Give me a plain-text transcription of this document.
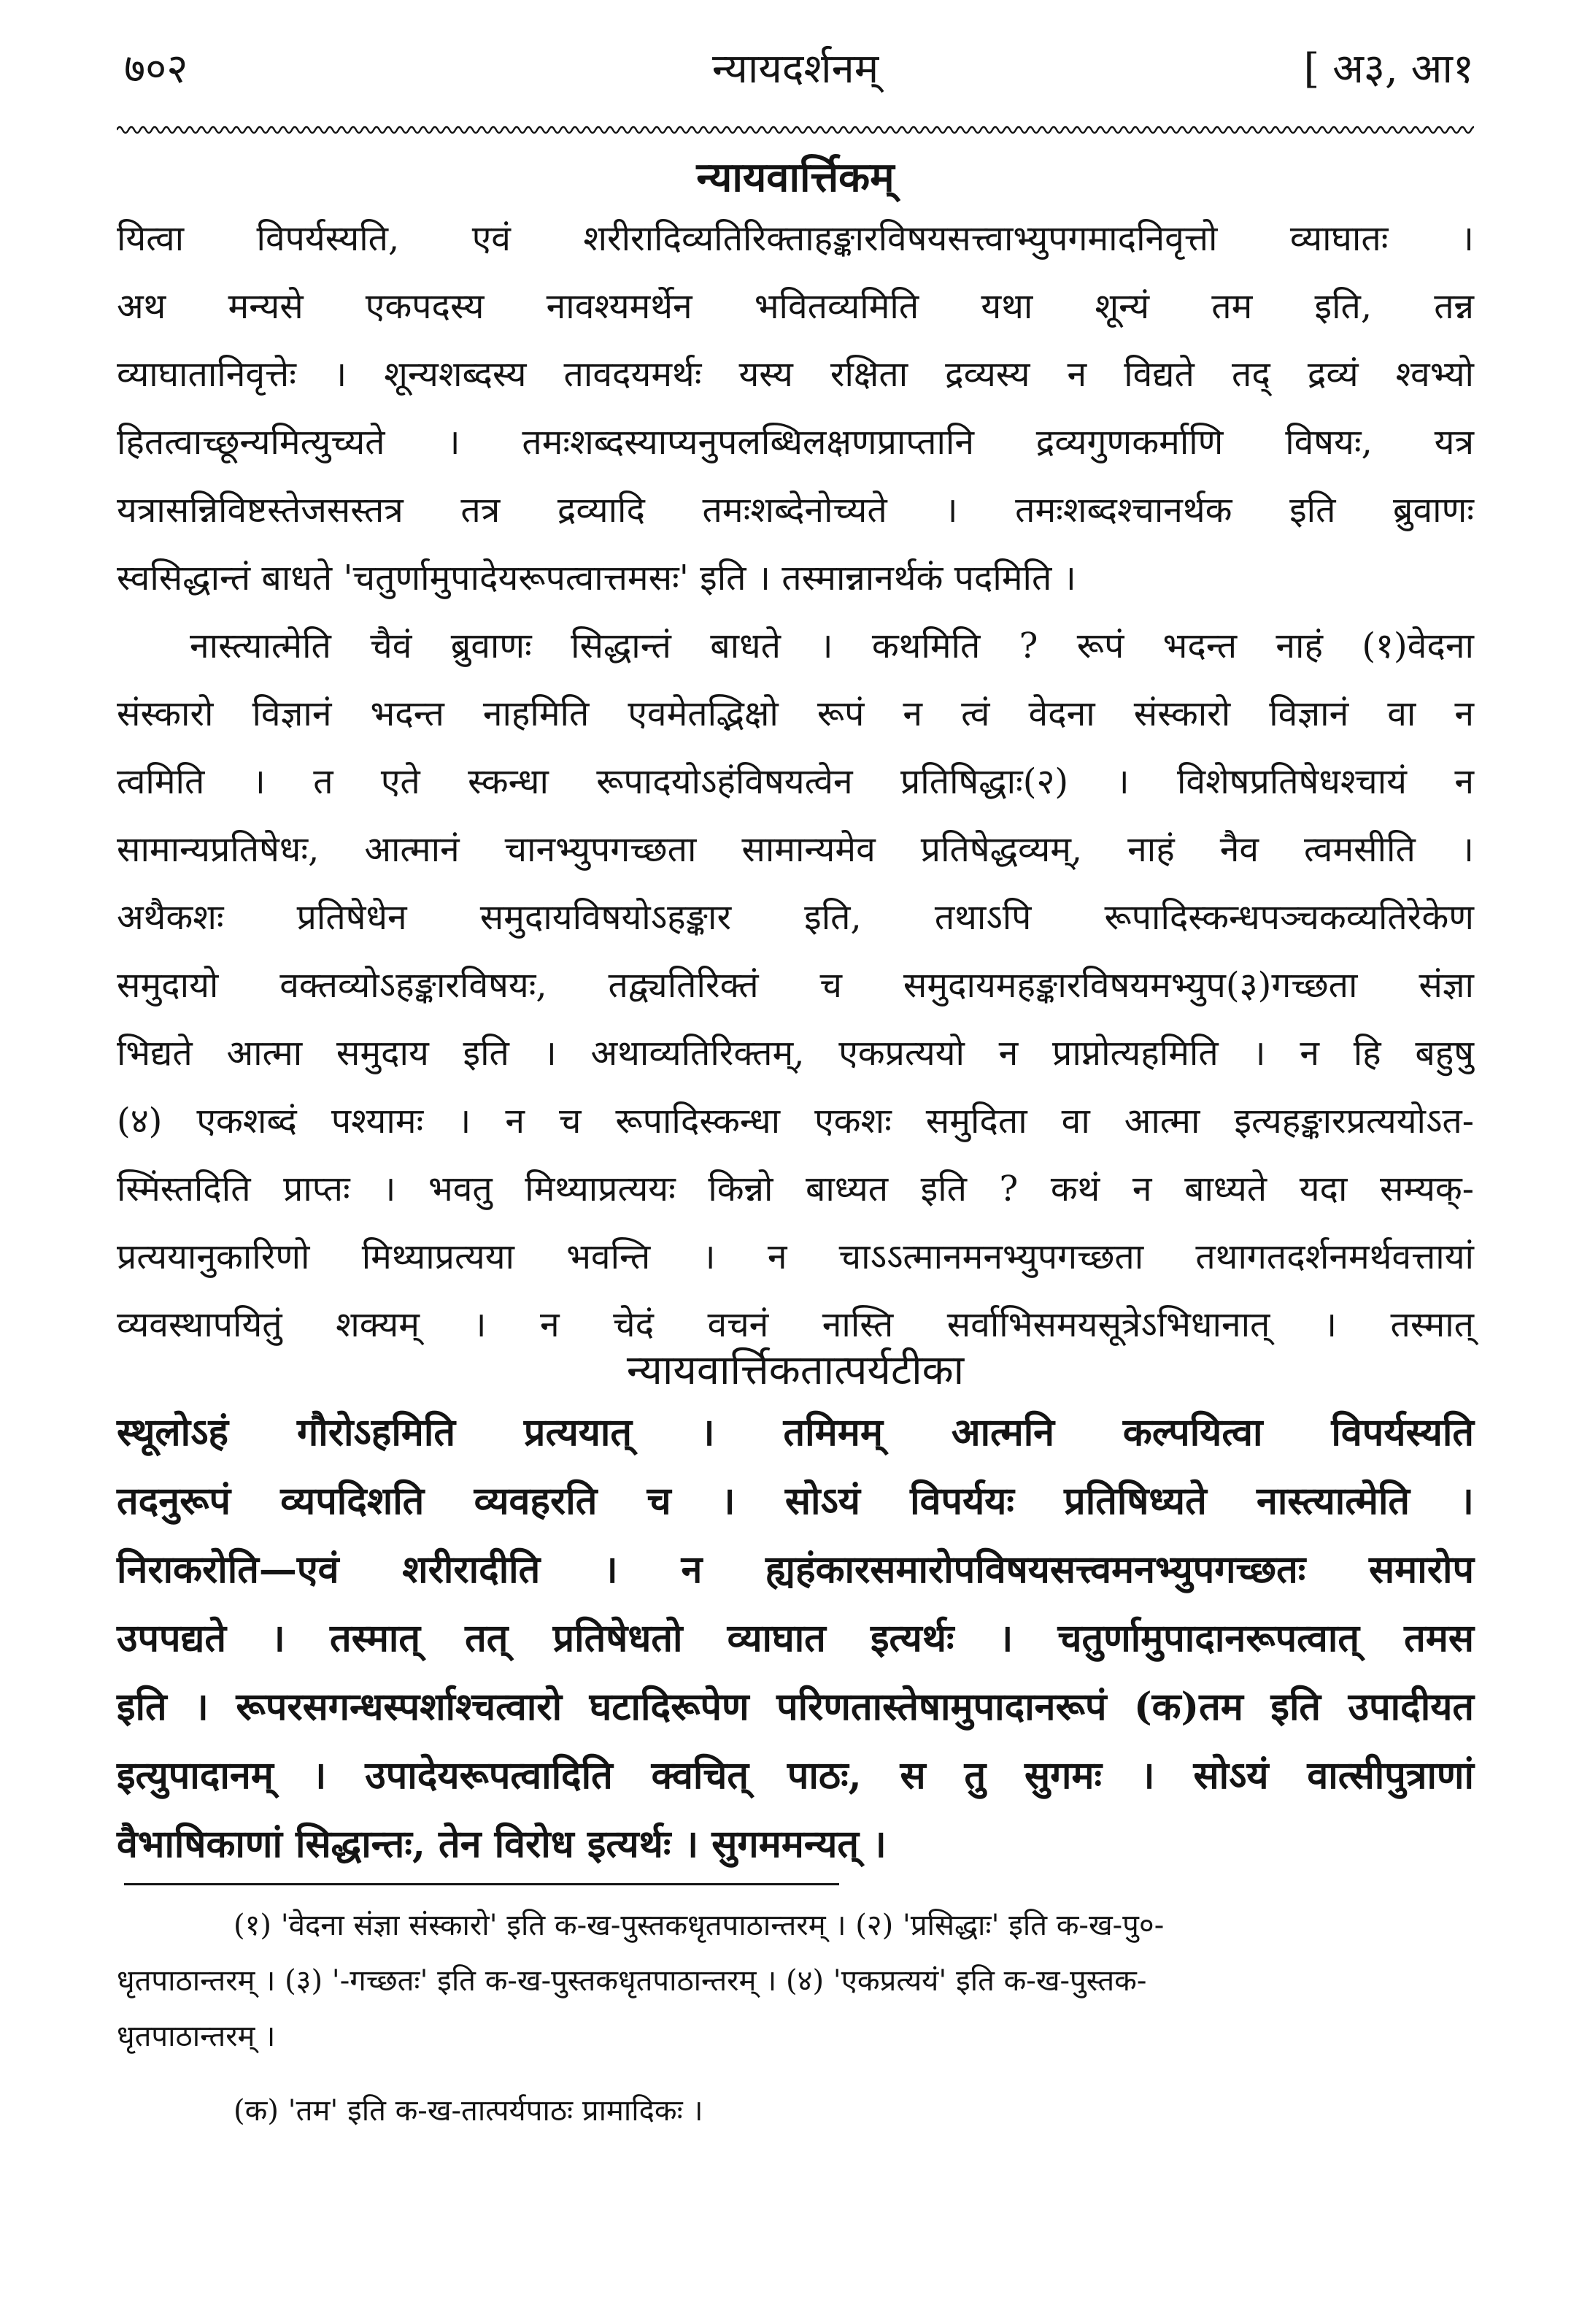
७०२	न्यायदर्शनम्	[ अ३, आ१
न्यायवार्त्तिकम्

यित्वा विपर्यस्यति, एवं शरीरादिव्यतिरिक्ताहङ्कारविषयसत्त्वाभ्युपगमादनिवृत्तो व्याघातः ।

अथ मन्यसे एकपदस्य नावश्यमर्थेन भवितव्यमिति यथा शून्यं तम इति, तन्न

व्याघातानिवृत्तेः । शून्यशब्दस्य तावदयमर्थः यस्य रक्षिता द्रव्यस्य न विद्यते तद् द्रव्यं श्वभ्यो

हितत्वाच्छून्यमित्युच्यते । तमःशब्दस्याप्यनुपलब्धिलक्षणप्राप्तानि द्रव्यगुणकर्माणि विषयः, यत्र

यत्रासन्निविष्टस्तेजसस्तत्र तत्र द्रव्यादि तमःशब्देनोच्यते । तमःशब्दश्चानर्थक इति ब्रुवाणः

स्वसिद्धान्तं बाधते 'चतुर्णामुपादेयरूपत्वात्तमसः' इति । तस्मान्नानर्थकं पदमिति ।

नास्त्यात्मेति चैवं ब्रुवाणः सिद्धान्तं बाधते । कथमिति ? रूपं भदन्त नाहं (१)वेदना

संस्कारो विज्ञानं भदन्त नाहमिति एवमेतद्भिक्षो रूपं न त्वं वेदना संस्कारो विज्ञानं वा न

त्वमिति । त एते स्कन्धा रूपादयोऽहंविषयत्वेन प्रतिषिद्धाः(२) । विशेषप्रतिषेधश्चायं न

सामान्यप्रतिषेधः, आत्मानं चानभ्युपगच्छता सामान्यमेव प्रतिषेद्धव्यम्, नाहं नैव त्वमसीति ।

अथैकशः प्रतिषेधेन समुदायविषयोऽहङ्कार इति, तथाऽपि रूपादिस्कन्धपञ्चकव्यतिरेकेण

समुदायो वक्तव्योऽहङ्कारविषयः, तद्व्यतिरिक्तं च समुदायमहङ्कारविषयमभ्युप(३)गच्छता संज्ञा

भिद्यते आत्मा समुदाय इति । अथाव्यतिरिक्तम्, एकप्रत्ययो न प्राप्नोत्यहमिति । न हि बहुषु

(४) एकशब्दं पश्यामः । न च रूपादिस्कन्धा एकशः समुदिता वा आत्मा इत्यहङ्कारप्रत्ययोऽत-

स्मिंस्तदिति प्राप्तः । भवतु मिथ्याप्रत्ययः किन्नो बाध्यत इति ? कथं न बाध्यते यदा सम्यक्-

प्रत्ययानुकारिणो मिथ्याप्रत्यया भवन्ति । न चाऽऽत्मानमनभ्युपगच्छता तथागतदर्शनमर्थवत्तायां

व्यवस्थापयितुं शक्यम् । न चेदं वचनं नास्ति सर्वाभिसमयसूत्रेऽभिधानात् । तस्मात्

न्यायवार्त्तिकतात्पर्यटीका

स्थूलोऽहं गौरोऽहमिति प्रत्ययात् । तमिमम् आत्मनि कल्पयित्वा विपर्यस्यति

तदनुरूपं व्यपदिशति व्यवहरति च । सोऽयं विपर्ययः प्रतिषिध्यते नास्त्यात्मेति ।

निराकरोति—एवं शरीरादीति । न ह्यहंकारसमारोपविषयसत्त्वमनभ्युपगच्छतः समारोप

उपपद्यते । तस्मात् तत् प्रतिषेधतो व्याघात इत्यर्थः । चतुर्णामुपादानरूपत्वात् तमस

इति । रूपरसगन्धस्पर्शाश्चत्वारो घटादिरूपेण परिणतास्तेषामुपादानरूपं (क)तम इति उपादीयत

इत्युपादानम् । उपादेयरूपत्वादिति क्वचित् पाठः, स तु सुगमः । सोऽयं वात्सीपुत्राणां

वैभाषिकाणां सिद्धान्तः, तेन विरोध इत्यर्थः । सुगममन्यत् ।

(१) 'वेदना संज्ञा संस्कारो' इति क-ख-पुस्तकधृतपाठान्तरम् । (२) 'प्रसिद्धाः' इति क-ख-पु०-

धृतपाठान्तरम् । (३) '-गच्छतः' इति क-ख-पुस्तकधृतपाठान्तरम् । (४) 'एकप्रत्ययं' इति क-ख-पुस्तक-

धृतपाठान्तरम् ।

(क) 'तम' इति क-ख-तात्पर्यपाठः प्रामादिकः ।
